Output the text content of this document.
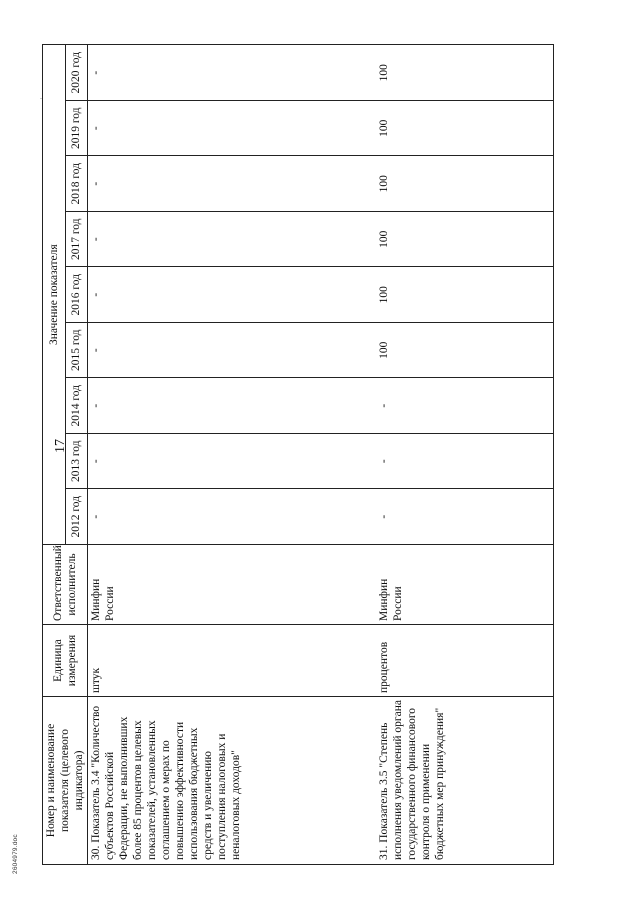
-
2604979.doc
17
Номер и наименование показателя (целевого индикатора)	Единица измерения	Ответственный исполнитель	Значение показателя								
			2012 год	2013 год	2014 год	2015 год	2016 год	2017 год	2018 год	2019 год	2020 год
30. Показатель 3.4 "Количество субъектов Российской Федерации, не выполнивших более 85 процентов целевых показателей, установленных соглашением о мерах по повышению эффективности использования бюджетных средств и увеличению поступления налоговых и неналоговых доходов"	штук	Минфин России	-	-	-	-	-	-	-	-	-
31. Показатель 3.5 "Степень исполнения уведомлений органа государственного финансового контроля о применении бюджетных мер принуждения"	процентов	Минфин России	-	-	-	100	100	100	100	100	100
